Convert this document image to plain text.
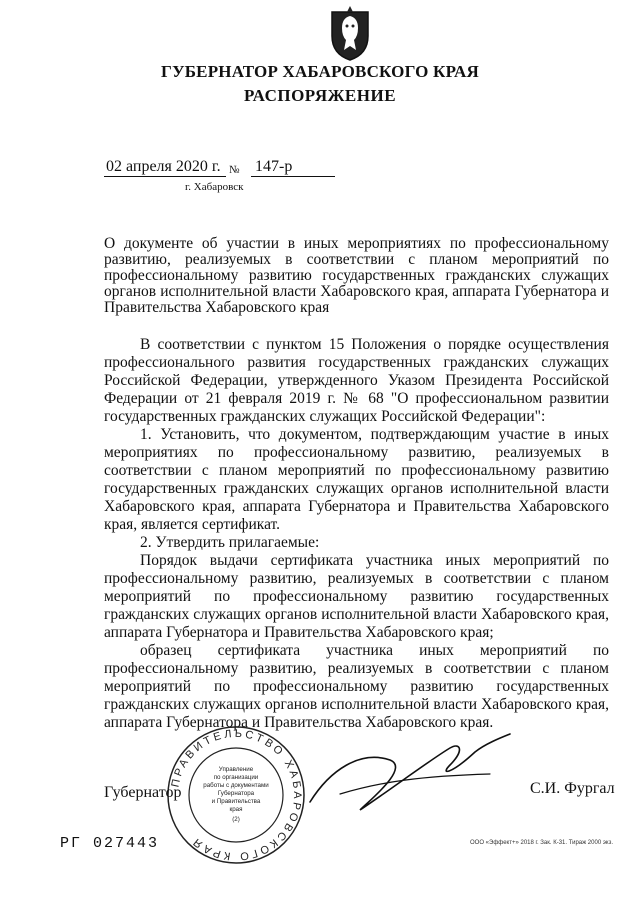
ГУБЕРНАТОР ХАБАРОВСКОГО КРАЯ
РАСПОРЯЖЕНИЕ
02 апреля 2020 г. № 147-р
г. Хабаровск
О документе об участии в иных мероприятиях по профессиональному развитию, реализуемых в соответствии с планом мероприятий по профессиональному развитию государственных гражданских служащих органов исполнительной власти Хабаровского края, аппарата Губернатора и Правительства Хабаровского края

В соответствии с пунктом 15 Положения о порядке осуществления профессионального развития государственных гражданских служащих Российской Федерации, утвержденного Указом Президента Российской Федерации от 21 февраля 2019 г. № 68 "О профессиональном развитии государственных гражданских служащих Российской Федерации":

1. Установить, что документом, подтверждающим участие в иных мероприятиях по профессиональному развитию, реализуемых в соответствии с планом мероприятий по профессиональному развитию государственных гражданских служащих органов исполнительной власти Хабаровского края, аппарата Губернатора и Правительства Хабаровского края, является сертификат.

2. Утвердить прилагаемые:

Порядок выдачи сертификата участника иных мероприятий по профессиональному развитию, реализуемых в соответствии с планом мероприятий по профессиональному развитию государственных гражданских служащих органов исполнительной власти Хабаровского края, аппарата Губернатора и Правительства Хабаровского края;

образец сертификата участника иных мероприятий по профессиональному развитию, реализуемых в соответствии с планом мероприятий по профессиональному развитию государственных гражданских служащих органов исполнительной власти Хабаровского края, аппарата Губернатора и Правительства Хабаровского края.

ПРАВИТЕЛЬСТВО ХАБАРОВСКОГО КРАЯ
Управление
по организации
работы с документами
Губернатора
и Правительства
края
(2)
Губернатор	С.И. Фургал
РГ 027443	ООО «Эффект+» 2018 г. Зак. К-31. Тираж 2000 экз.
